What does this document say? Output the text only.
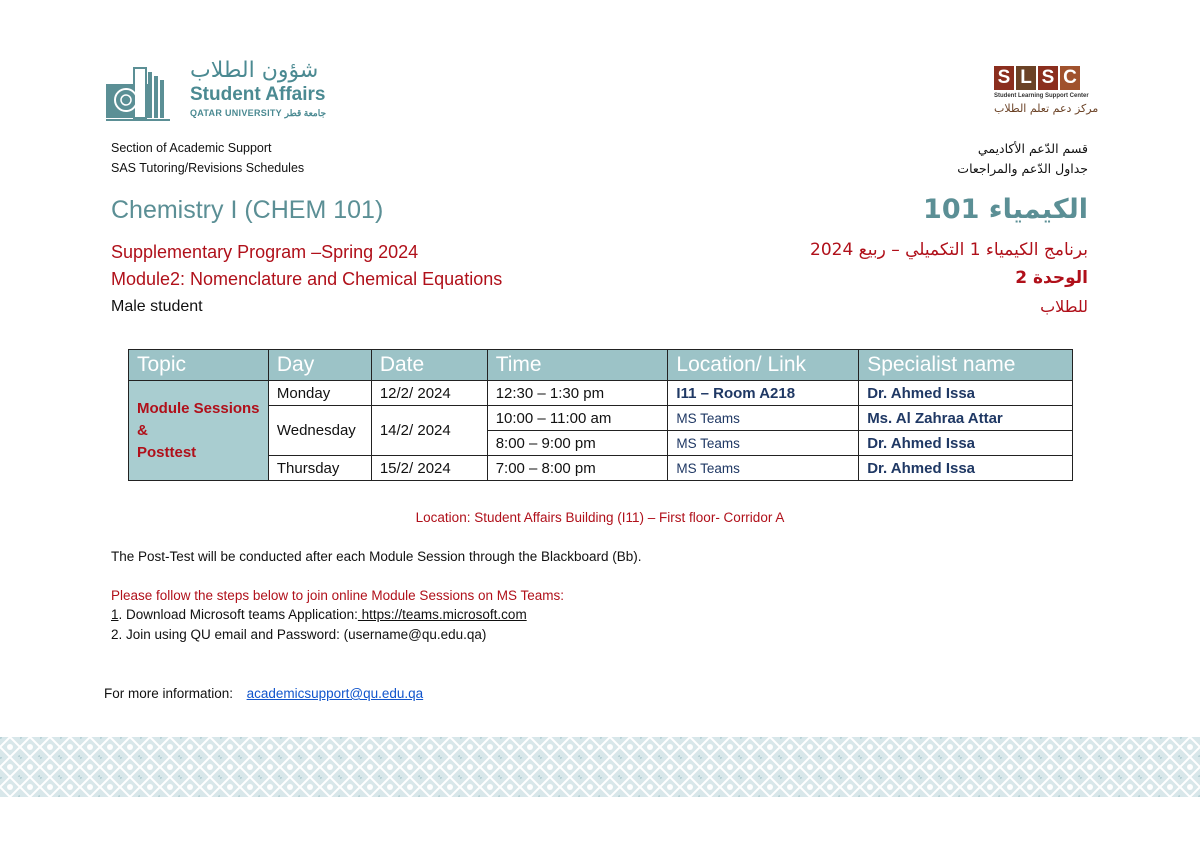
شؤون الطلاب
Student Affairs
QATAR UNIVERSITY جامعة قطر
S L S C
Student Learning Support Center
مركز دعم تعلم الطلاب
Section of Academic Support
SAS Tutoring/Revisions Schedules
قسم الدّعم الأكاديمي
جداول الدّعم والمراجعات
Chemistry I (CHEM 101)	الكيمياء 101
Supplementary Program –Spring 2024	برنامج الكيمياء 1 التكميلي – ربيع 2024
Module2: Nomenclature and Chemical Equations	الوحدة 2
Male student	للطلاب
Topic	Day	Date	Time	Location/ Link	Specialist name

Module Sessions
&
Posttest	Monday	12/2/ 2024	12:30 – 1:30 pm	I11 – Room A218	Dr. Ahmed Issa
	Wednesday	14/2/ 2024	10:00 – 11:00 am	MS Teams	Ms. Al Zahraa Attar
			8:00 – 9:00 pm	MS Teams	Dr. Ahmed Issa
	Thursday	15/2/ 2024	7:00 – 8:00 pm	MS Teams	Dr. Ahmed Issa
Location: Student Affairs Building (I11) – First floor- Corridor A
The Post-Test will be conducted after each Module Session through the Blackboard (Bb).
Please follow the steps below to join online Module Sessions on MS Teams:
1. Download Microsoft teams Application: https://teams.microsoft.com
2. Join using QU email and Password: (username@qu.edu.qa)
For more information: academicsupport@qu.edu.qa
